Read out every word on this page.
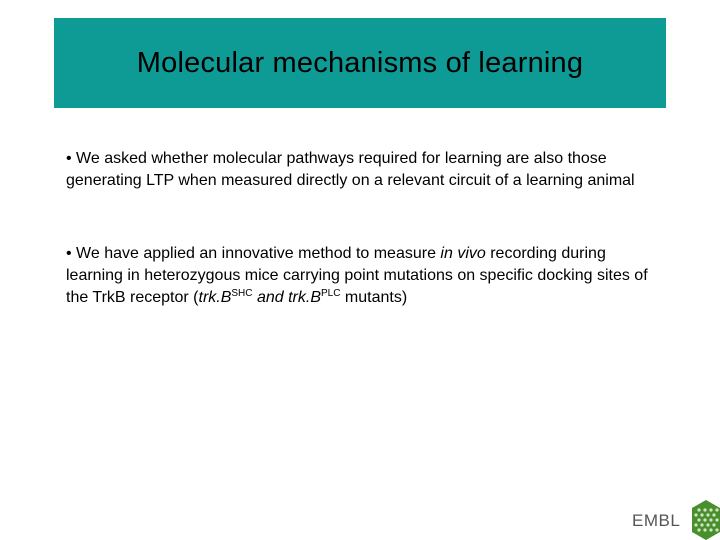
Molecular mechanisms of learning
• We asked whether molecular pathways required for learning are also those generating LTP when measured directly on a relevant circuit of a learning animal
• We have applied an innovative method to measure in vivo recording during learning in heterozygous mice carrying point mutations on specific docking sites of the TrkB receptor ($trk.B^{SHC}$ and $trk.B^{PLC}$ mutants)
EMBL
